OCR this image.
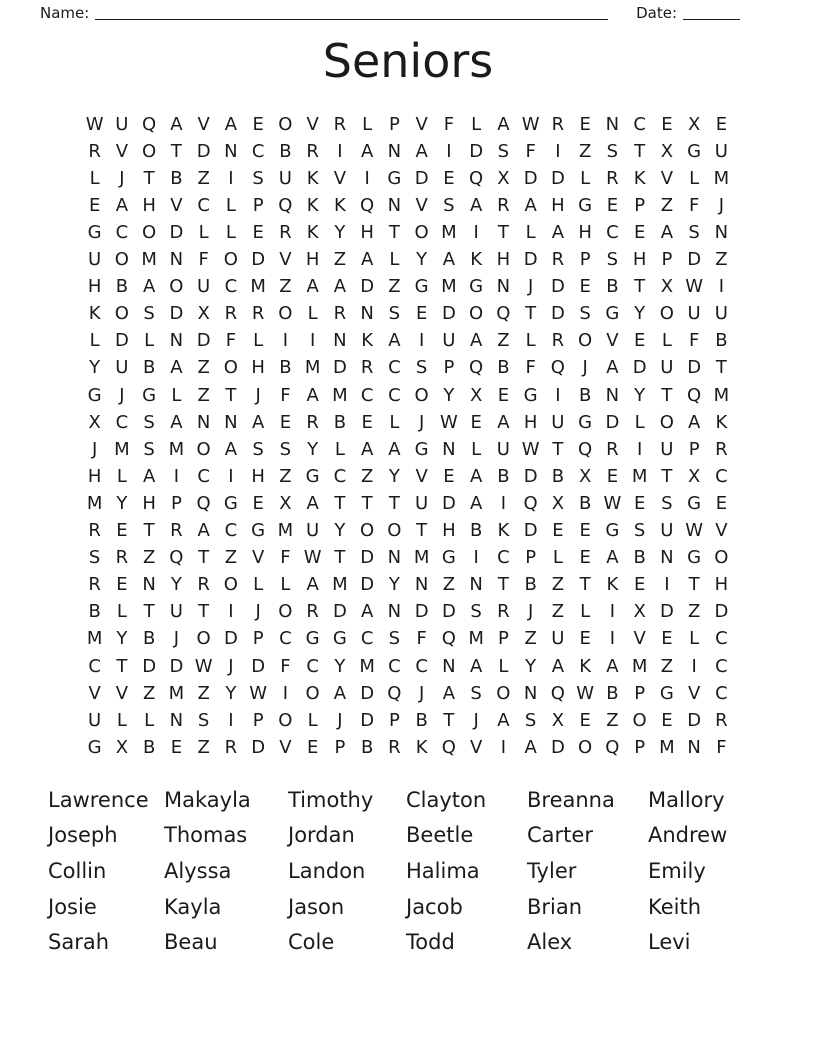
Name:	Date:
Seniors
W U Q A V A E O V R L P V F L A W R E N C E X E
R V O T D N C B R	I	A N A	I D S F	I	Z S T X G U
L	J	T B Z	I	S U K V	I G D E Q X D D L R K V L M
E A H V C L P Q K K Q N V S A R A H G E P Z F	J
G C O D L L E R K Y H T O M I	T L A H C E A S N
U O M N F O D V H Z A L Y A K H D R P S H P D Z
H B A O U C M Z A A D Z G M G N J D E B T X W I
K O S D X R R O L R N S E D O Q T D S G Y O U U
L D L N D F L	I	I N K A	I	U A Z L R O V E L F B
Y U B A Z O H B M D R C S P Q B F Q J	A D U D T
G J G L Z T	J	F A M C C O Y X E G I	B N Y T Q M
X C S A N N A E R B E L	J W E A H U G D L O A K
J M S M O A S S Y L A A G N L U W T Q R	I	U P R
H L A	I	C	I H Z G C Z Y V E A B D B X E M T X C
M Y H P Q G E X A T T T U D A	I Q X B W E S G E
R E T R A C G M U Y O O T H B K D E E G S U W V
S R Z Q T Z V F W T D N M G I	C P L E A B N G O
R E N Y R O L L A M D Y N Z N T B Z T K E	I	T H
B L T U T	I	J O R D A N D D S R	J	Z L	I	X D Z D
M Y B	J O D P C G G C S F Q M P Z U E	I	V E L C
C T D D W J D F C Y M C C N A L Y A K A M Z	I	C
V V Z M Z Y W I O A D Q J	A S O N Q W B P G V C
U L L N S	I	P O L	J D P B T	J	A S X E Z O E D R
G X B E Z R D V E P B R K Q V	I	A D O Q P M N F
Lawrence Makayla	Timothy	Clayton	Breanna	Mallory
Joseph	Thomas	Jordan	Beetle	Carter	Andrew
Collin	Alyssa	Landon	Halima	Tyler	Emily
Josie	Kayla	Jason	Jacob	Brian	Keith
Sarah	Beau	Cole	Todd	Alex	Levi
